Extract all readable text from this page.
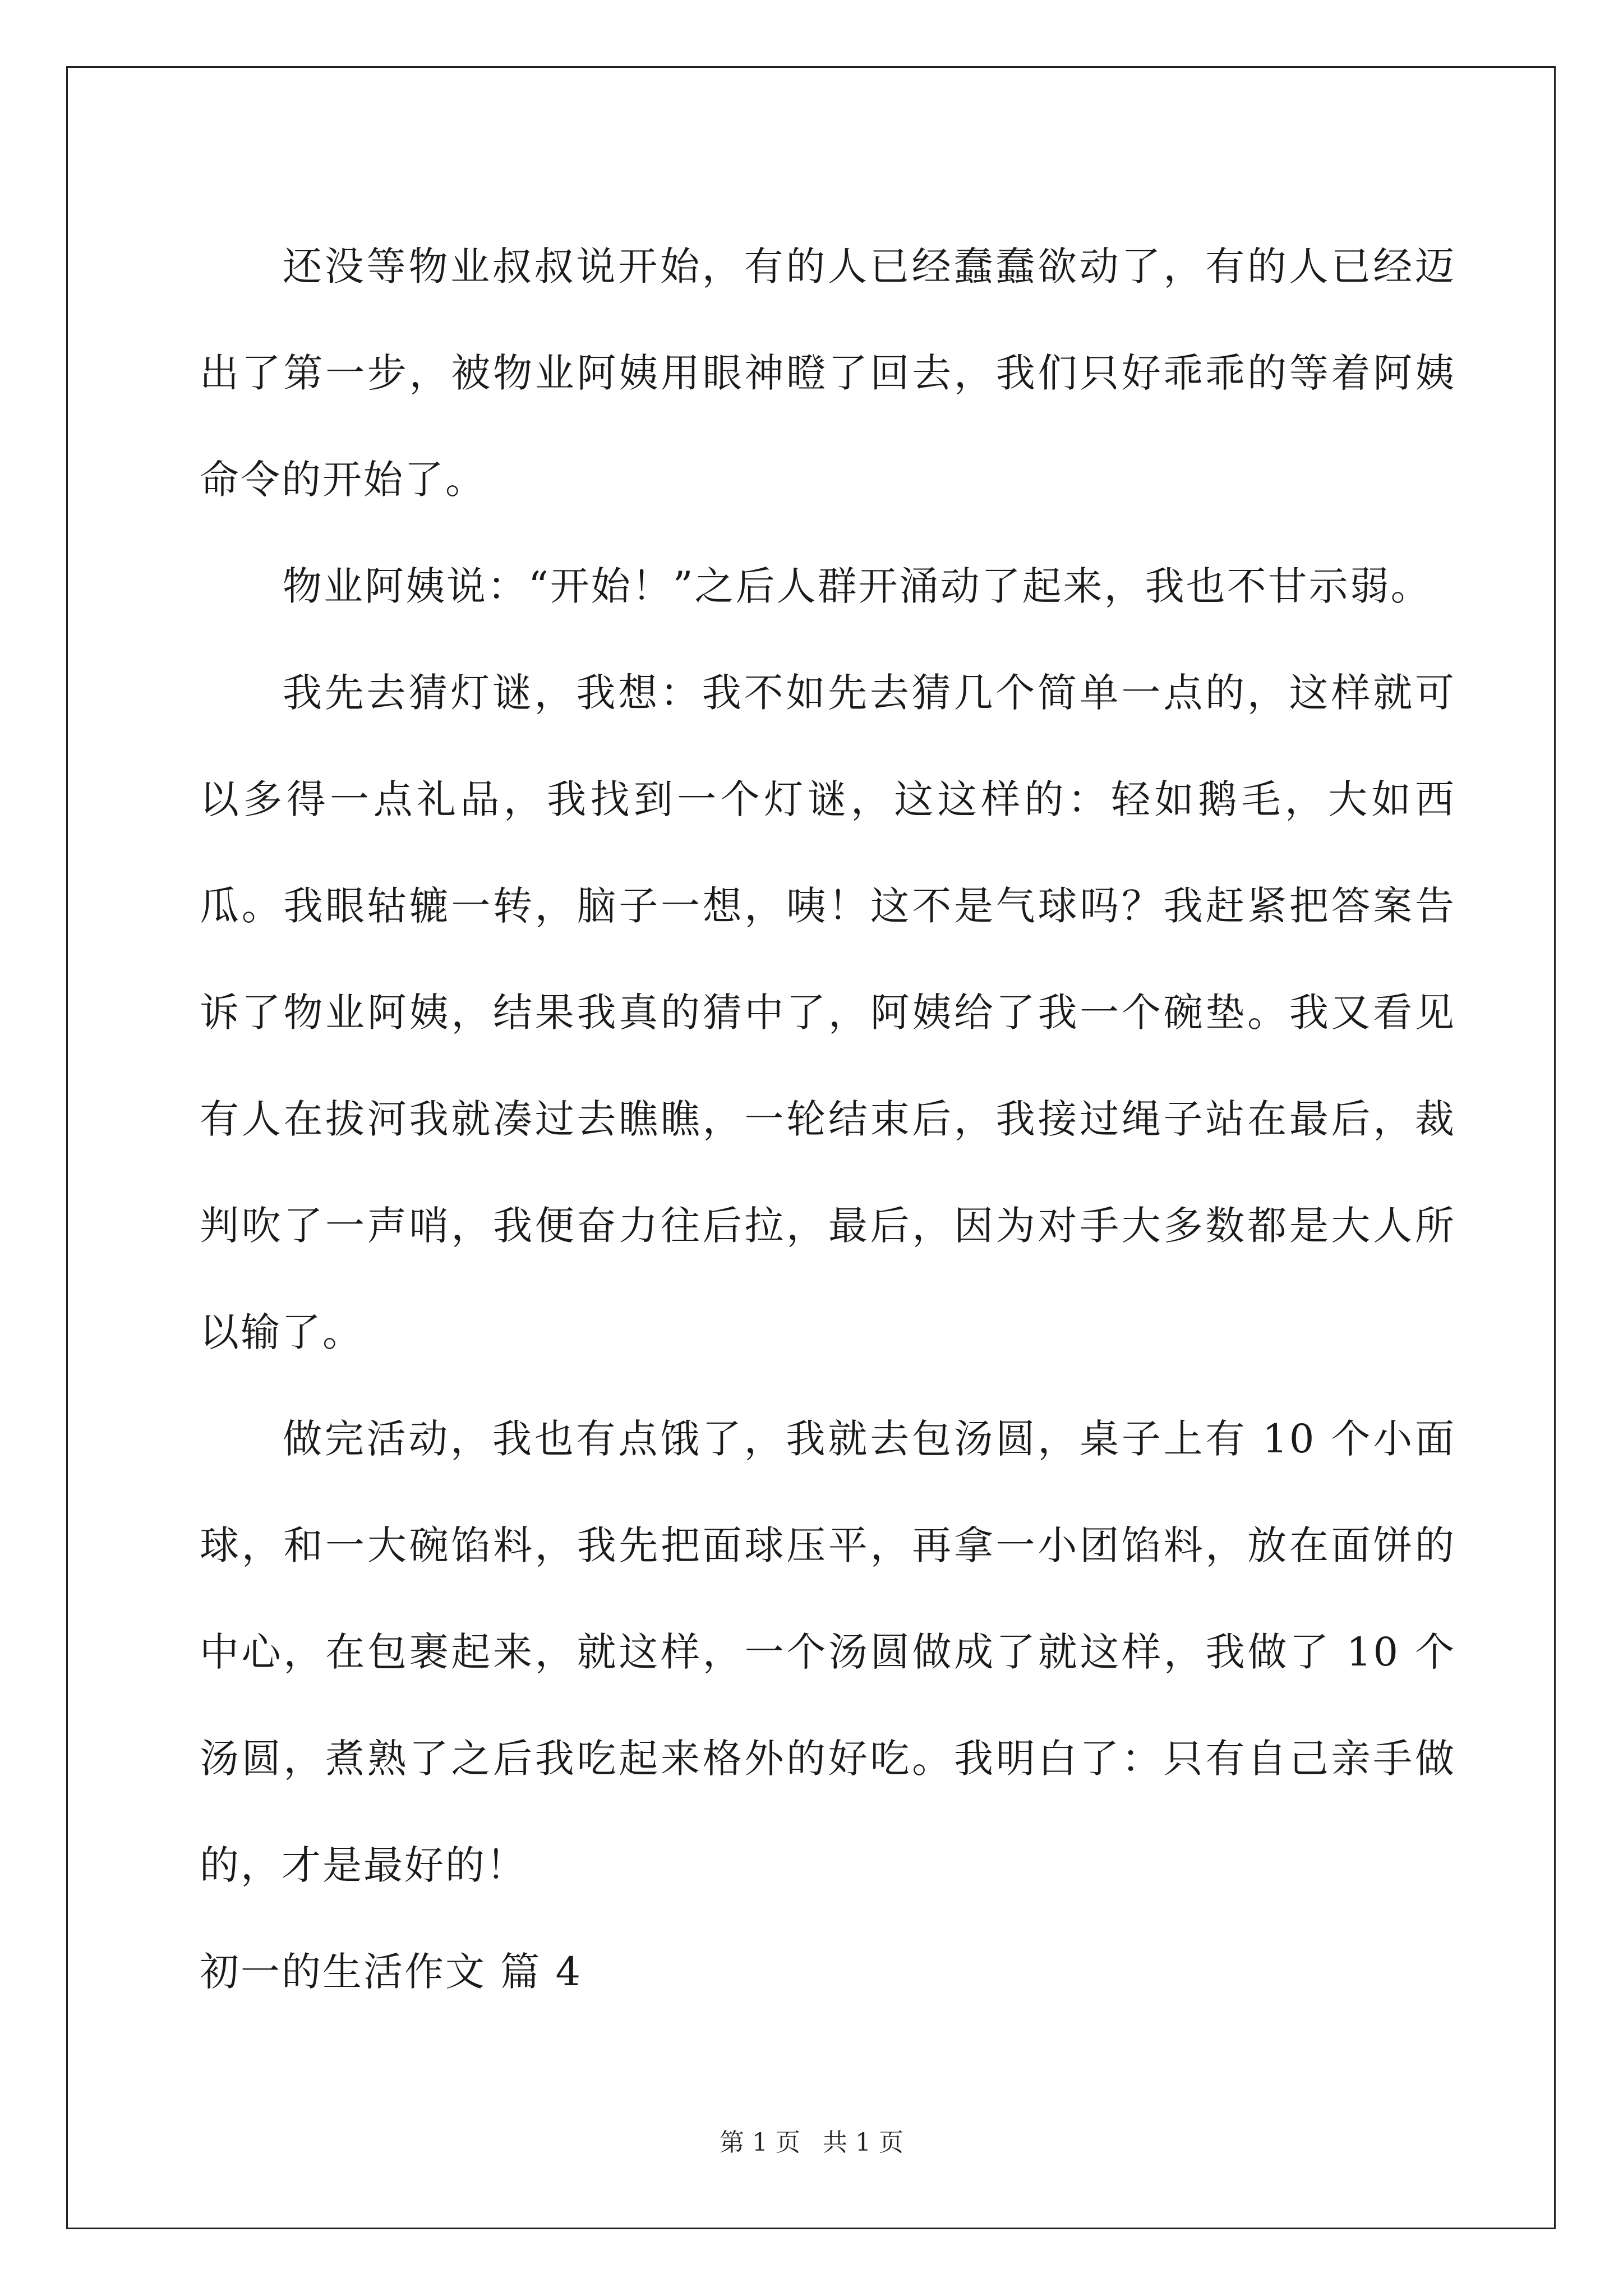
还没等物业叔叔说开始，有的人已经蠢蠢欲动了，有的人已经迈出了第一步，被物业阿姨用眼神瞪了回去，我们只好乖乖的等着阿姨命令的开始了。

物业阿姨说：“开始！”之后人群开涌动了起来，我也不甘示弱。

我先去猜灯谜，我想：我不如先去猜几个简单一点的，这样就可以多得一点礼品，我找到一个灯谜，这这样的：轻如鹅毛，大如西瓜。我眼轱辘一转，脑子一想，咦！这不是气球吗？我赶紧把答案告诉了物业阿姨，结果我真的猜中了，阿姨给了我一个碗垫。我又看见有人在拔河我就凑过去瞧瞧，一轮结束后，我接过绳子站在最后，裁判吹了一声哨，我便奋力往后拉，最后，因为对手大多数都是大人所以输了。

做完活动，我也有点饿了，我就去包汤圆，桌子上有 10 个小面球，和一大碗馅料，我先把面球压平，再拿一小团馅料，放在面饼的中心，在包裹起来，就这样，一个汤圆做成了就这样，我做了 10 个汤圆，煮熟了之后我吃起来格外的好吃。我明白了：只有自己亲手做的，才是最好的！

初一的生活作文 篇 4

第 1 页 共 1 页
